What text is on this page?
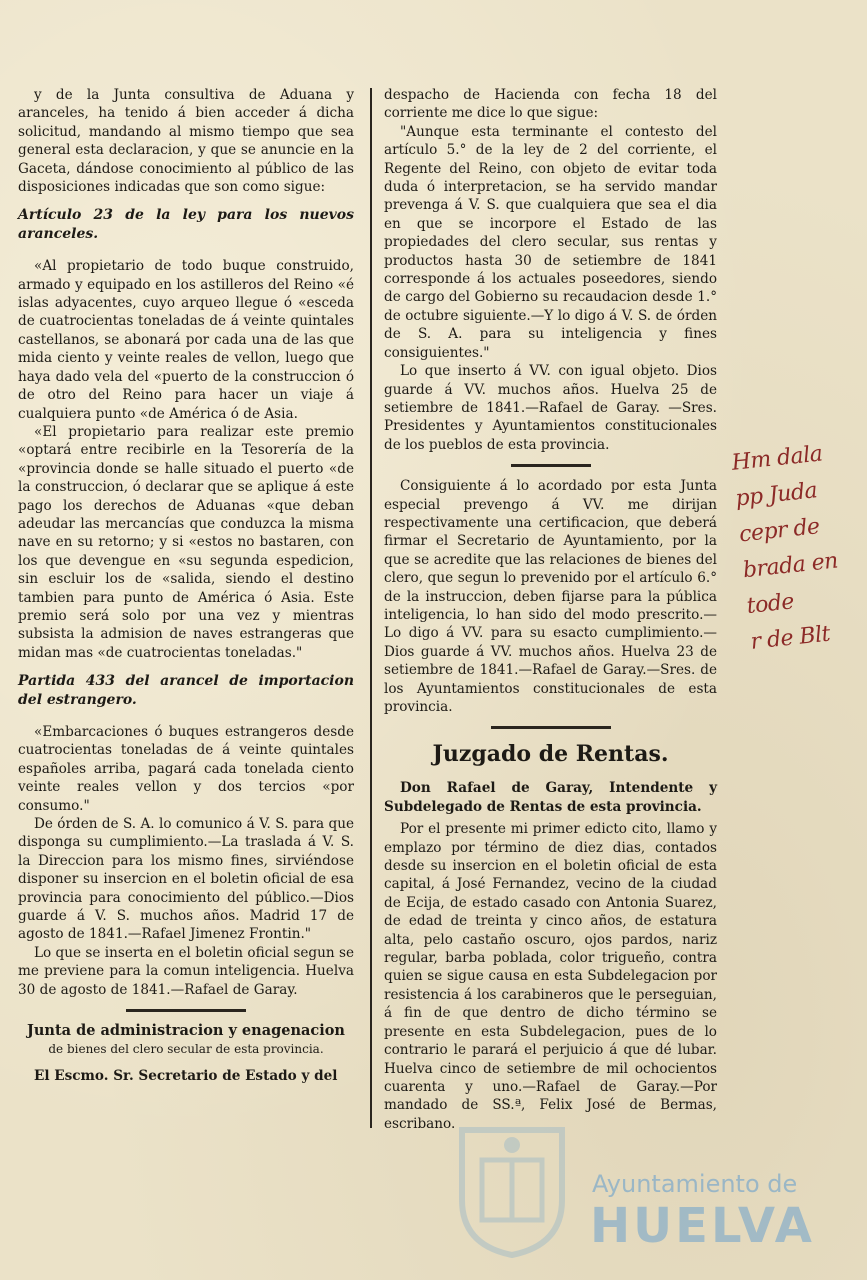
y de la Junta consultiva de Aduana y aranceles, ha tenido á bien acceder á dicha solicitud, mandando al mismo tiempo que sea general esta declaracion, y que se anuncie en la Gaceta, dándose conocimiento al público de las disposiciones indicadas que son como sigue:

Artículo 23 de la ley para los nuevos aranceles.

«Al propietario de todo buque construido, armado y equipado en los astilleros del Reino «é islas adyacentes, cuyo arqueo llegue ó «esceda de cuatrocientas toneladas de á veinte quintales castellanos, se abonará por cada una de las que mida ciento y veinte reales de vellon, luego que haya dado vela del «puerto de la construccion ó de otro del Reino para hacer un viaje á cualquiera punto «de América ó de Asia.

«El propietario para realizar este premio «optará entre recibirle en la Tesorería de la «provincia donde se halle situado el puerto «de la construccion, ó declarar que se aplique á este pago los derechos de Aduanas «que deban adeudar las mercancías que conduzca la misma nave en su retorno; y si «estos no bastaren, con los que devengue en «su segunda espedicion, sin escluir los de «salida, siendo el destino tambien para punto de América ó Asia. Este premio será solo por una vez y mientras subsista la admision de naves estrangeras que midan mas «de cuatrocientas toneladas."

Partida 433 del arancel de importacion del estrangero.

«Embarcaciones ó buques estrangeros desde cuatrocientas toneladas de á veinte quintales españoles arriba, pagará cada tonelada ciento veinte reales vellon y dos tercios «por consumo."

De órden de S. A. lo comunico á V. S. para que disponga su cumplimiento.—La traslada á V. S. la Direccion para los mismo fines, sirviéndose disponer su insercion en el boletin oficial de esa provincia para conocimiento del público.—Dios guarde á V. S. muchos años. Madrid 17 de agosto de 1841.—Rafael Jimenez Frontin."

Lo que se inserta en el boletin oficial segun se me previene para la comun inteligencia. Huelva 30 de agosto de 1841.—Rafael de Garay.

Junta de administracion y enagenacion

de bienes del clero secular de esta provincia.

El Escmo. Sr. Secretario de Estado y del

despacho de Hacienda con fecha 18 del corriente me dice lo que sigue:

"Aunque esta terminante el contesto del artículo 5.° de la ley de 2 del corriente, el Regente del Reino, con objeto de evitar toda duda ó interpretacion, se ha servido mandar prevenga á V. S. que cualquiera que sea el dia en que se incorpore el Estado de las propiedades del clero secular, sus rentas y productos hasta 30 de setiembre de 1841 corresponde á los actuales poseedores, siendo de cargo del Gobierno su recaudacion desde 1.° de octubre siguiente.—Y lo digo á V. S. de órden de S. A. para su inteligencia y fines consiguientes."

Lo que inserto á VV. con igual objeto. Dios guarde á VV. muchos años. Huelva 25 de setiembre de 1841.—Rafael de Garay. —Sres. Presidentes y Ayuntamientos constitucionales de los pueblos de esta provincia.

Consiguiente á lo acordado por esta Junta especial prevengo á VV. me dirijan respectivamente una certificacion, que deberá firmar el Secretario de Ayuntamiento, por la que se acredite que las relaciones de bienes del clero, que segun lo prevenido por el artículo 6.° de la instruccion, deben fijarse para la pública inteligencia, lo han sido del modo prescrito.—Lo digo á VV. para su esacto cumplimiento.—Dios guarde á VV. muchos años. Huelva 23 de setiembre de 1841.—Rafael de Garay.—Sres. de los Ayuntamientos constitucionales de esta provincia.

Juzgado de Rentas.

Don Rafael de Garay, Intendente y Subdelegado de Rentas de esta provincia.

Por el presente mi primer edicto cito, llamo y emplazo por término de diez dias, contados desde su insercion en el boletin oficial de esta capital, á José Fernandez, vecino de la ciudad de Ecija, de estado casado con Antonia Suarez, de edad de treinta y cinco años, de estatura alta, pelo castaño oscuro, ojos pardos, nariz regular, barba poblada, color trigueño, contra quien se sigue causa en esta Subdelegacion por resistencia á los carabineros que le perseguian, á fin de que dentro de dicho término se presente en esta Subdelegacion, pues de lo contrario le parará el perjuicio á que dé lubar. Huelva cinco de setiembre de mil ochocientos cuarenta y uno.—Rafael de Garay.—Por mandado de SS.ª, Felix José de Bermas, escribano.

Hm dala
pp Juda
cepr de
brada en tode
r de Blt
Ayuntamiento de
HUELVA
